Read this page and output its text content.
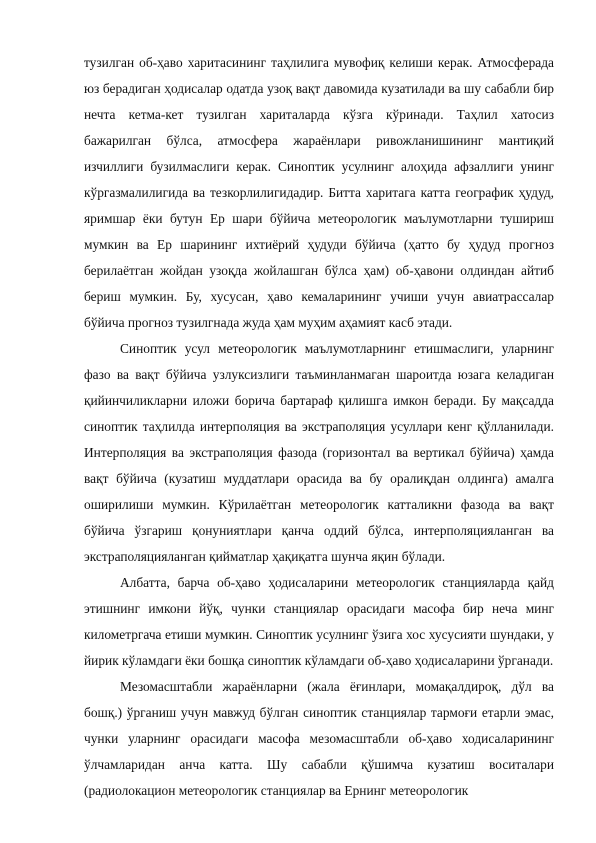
тузилган об-ҳаво харитасининг таҳлилига мувофиқ келиши керак. Атмосферада юз берадиган ҳодисалар одатда узоқ вақт давомида кузатилади ва шу сабабли бир нечта кетма-кет тузилган хариталарда кўзга кўринади. Таҳлил хатосиз бажарилган бўлса, атмосфера жараёнлари ривожланишининг мантиқий изчиллиги бузилмаслиги керак. Синоптик усулнинг алоҳида афзаллиги унинг кўргазмалилигида ва тезкорлилигидадир. Битта харитага катта географик ҳудуд, яримшар ёки бутун Ер шари бўйича метеорологик маълумотларни тушириш мумкин ва Ер шарининг ихтиёрий ҳудуди бўйича (ҳатто бу ҳудуд прогноз берилаётган жойдан узоқда жойлашган бўлса ҳам) об-ҳавони олдиндан айтиб бериш мумкин. Бу, хусусан, ҳаво кемаларининг учиши учун авиатрассалар бўйича прогноз тузилгнада жуда ҳам муҳим аҳамият касб этади.

Синоптик усул метеорологик маълумотларнинг етишмаслиги, уларнинг фазо ва вақт бўйича узлуксизлиги таъминланмаган шароитда юзага келадиган қийинчиликларни иложи борича бартараф қилишга имкон беради. Бу мақсадда синоптик таҳлилда интерполяция ва экстраполяция усуллари кенг қўлланилади. Интерполяция ва экстраполяция фазода (горизонтал ва вертикал бўйича) ҳамда вақт бўйича (кузатиш муддатлари орасида ва бу оралиқдан олдинга) амалга оширилиши мумкин. Кўрилаётган метеорологик катталикни фазода ва вақт бўйича ўзгариш қонуниятлари қанча оддий бўлса, интерполяцияланган ва экстраполяцияланган қийматлар ҳақиқатга шунча яқин бўлади.

Албатта, барча об-ҳаво ҳодисаларини метеорологик станцияларда қайд этишнинг имкони йўқ, чунки станциялар орасидаги масофа бир неча минг километргача етиши мумкин. Синоптик усулнинг ўзига хос хусусияти шундаки, у йирик кўламдаги ёки бошқа синоптик кўламдаги об-ҳаво ҳодисаларини ўрганади.

Мезомасштабли жараёнларни (жала ёғинлари, момақалдироқ, дўл ва бошқ.) ўрганиш учун мавжуд бўлган синоптик станциялар тармоғи етарли эмас, чунки уларнинг орасидаги масофа мезомасштабли об-ҳаво ходисаларининг ўлчамларидан анча катта. Шу сабабли қўшимча кузатиш воситалари (радиолокацион метеорологик станциялар ва Ернинг метеорологик
